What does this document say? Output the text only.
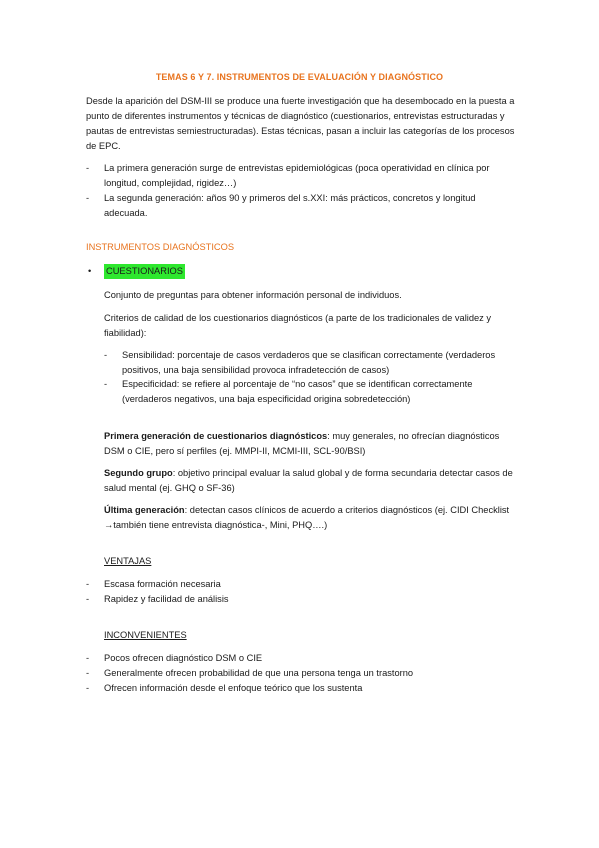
TEMAS 6 Y 7. INSTRUMENTOS DE EVALUACIÓN Y DIAGNÓSTICO
Desde la aparición del DSM-III se produce una fuerte investigación que ha desembocado en la puesta a punto de diferentes instrumentos y técnicas de diagnóstico (cuestionarios, entrevistas estructuradas y pautas de entrevistas semiestructuradas). Estas técnicas, pasan a incluir las categorías de los procesos de EPC.
- La primera generación surge de entrevistas epidemiológicas (poca operatividad en clínica por longitud, complejidad, rigidez…)
- La segunda generación: años 90 y primeros del s.XXI: más prácticos, concretos y longitud adecuada.
INSTRUMENTOS DIAGNÓSTICOS
• CUESTIONARIOS
Conjunto de preguntas para obtener información personal de individuos.
Criterios de calidad de los cuestionarios diagnósticos (a parte de los tradicionales de validez y fiabilidad):
- Sensibilidad: porcentaje de casos verdaderos que se clasifican correctamente (verdaderos positivos, una baja sensibilidad provoca infradetección de casos)
- Especificidad: se refiere al porcentaje de “no casos” que se identifican correctamente (verdaderos negativos, una baja especificidad origina sobredetección)
Primera generación de cuestionarios diagnósticos: muy generales, no ofrecían diagnósticos DSM o CIE, pero sí perfiles (ej. MMPI-II, MCMI-III, SCL-90/BSI)
Segundo grupo: objetivo principal evaluar la salud global y de forma secundaria detectar casos de salud mental (ej. GHQ o SF-36)
Última generación: detectan casos clínicos de acuerdo a criterios diagnósticos (ej. CIDI Checklist →también tiene entrevista diagnóstica-, Mini, PHQ….)
VENTAJAS
- Escasa formación necesaria
- Rapidez y facilidad de análisis
INCONVENIENTES
- Pocos ofrecen diagnóstico DSM o CIE
- Generalmente ofrecen probabilidad de que una persona tenga un trastorno
- Ofrecen información desde el enfoque teórico que los sustenta
